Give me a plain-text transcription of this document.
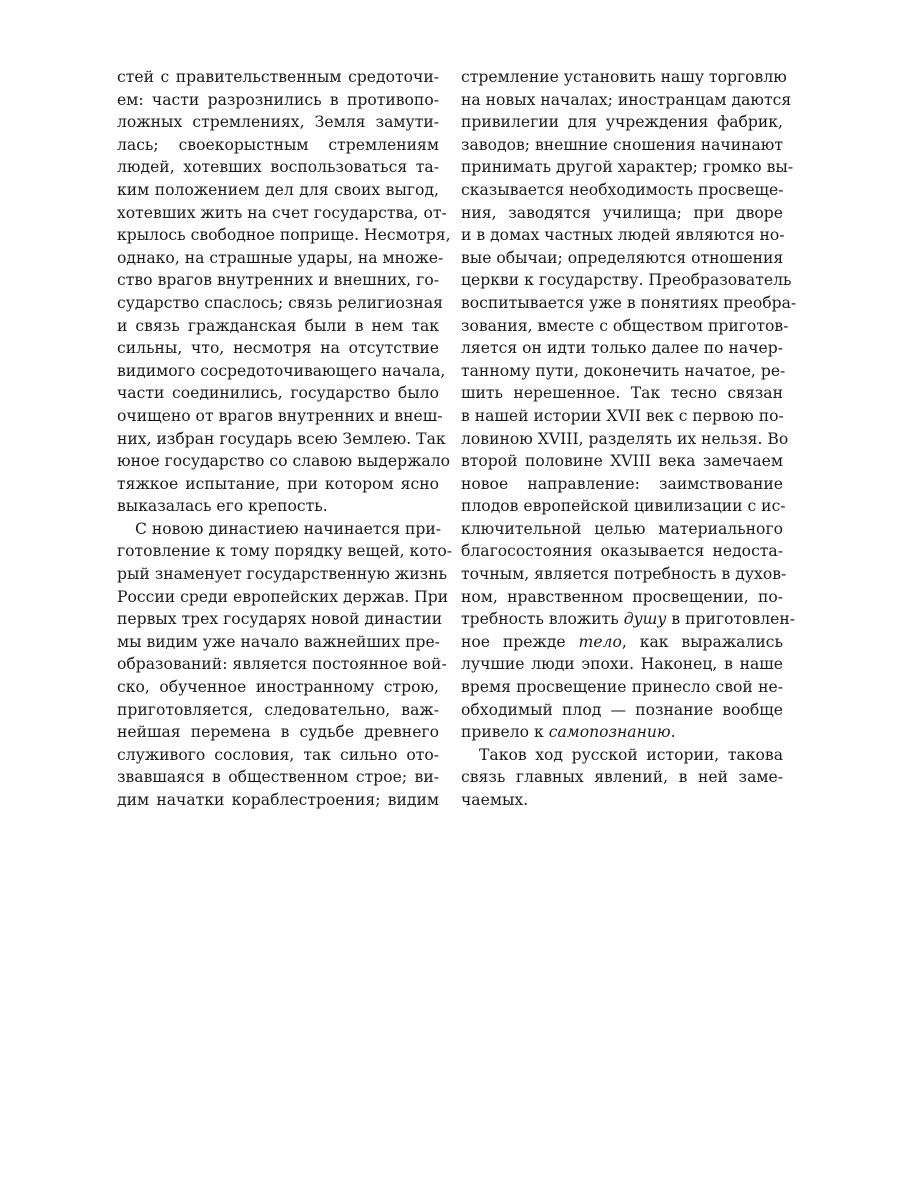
стей с правительственным средоточи-
ем: части разрознились в противопо-
ложных стремлениях, Земля замути-
лась; своекорыстным стремлениям
людей, хотевших воспользоваться та-
ким положением дел для своих выгод,
хотевших жить на счет государства, от-
крылось свободное поприще. Несмотря,
однако, на страшные удары, на множе-
ство врагов внутренних и внешних, го-
сударство спаслось; связь религиозная
и связь гражданская были в нем так
сильны, что, несмотря на отсутствие
видимого сосредоточивающего начала,
части соединились, государство было
очищено от врагов внутренних и внеш-
них, избран государь всею Землею. Так
юное государство со славою выдержало
тяжкое испытание, при котором ясно
выказалась его крепость.
С новою династиею начинается при-
готовление к тому порядку вещей, кото-
рый знаменует государственную жизнь
России среди европейских держав. При
первых трех государях новой династии
мы видим уже начало важнейших пре-
образований: является постоянное вой-
ско, обученное иностранному строю,
приготовляется, следовательно, важ-
нейшая перемена в судьбе древнего
служивого сословия, так сильно ото-
звавшаяся в общественном строе; ви-
дим начатки кораблестроения; видим
стремление установить нашу торговлю
на новых началах; иностранцам даются
привилегии для учреждения фабрик,
заводов; внешние сношения начинают
принимать другой характер; громко вы-
сказывается необходимость просвеще-
ния, заводятся училища; при дворе
и в домах частных людей являются но-
вые обычаи; определяются отношения
церкви к государству. Преобразователь
воспитывается уже в понятиях преобра-
зования, вместе с обществом приготов-
ляется он идти только далее по начер-
танному пути, доконечить начатое, ре-
шить нерешенное. Так тесно связан
в нашей истории XVII век с первою по-
ловиною XVIII, разделять их нельзя. Во
второй половине XVIII века замечаем
новое направление: заимствование
плодов европейской цивилизации с ис-
ключительной целью материального
благосостояния оказывается недоста-
точным, является потребность в духов-
ном, нравственном просвещении, по-
требность вложить душу в приготовлен-
ное прежде тело, как выражались
лучшие люди эпохи. Наконец, в наше
время просвещение принесло свой не-
обходимый плод — познание вообще
привело к самопознанию.
Таков ход русской истории, такова
связь главных явлений, в ней заме-
чаемых.
